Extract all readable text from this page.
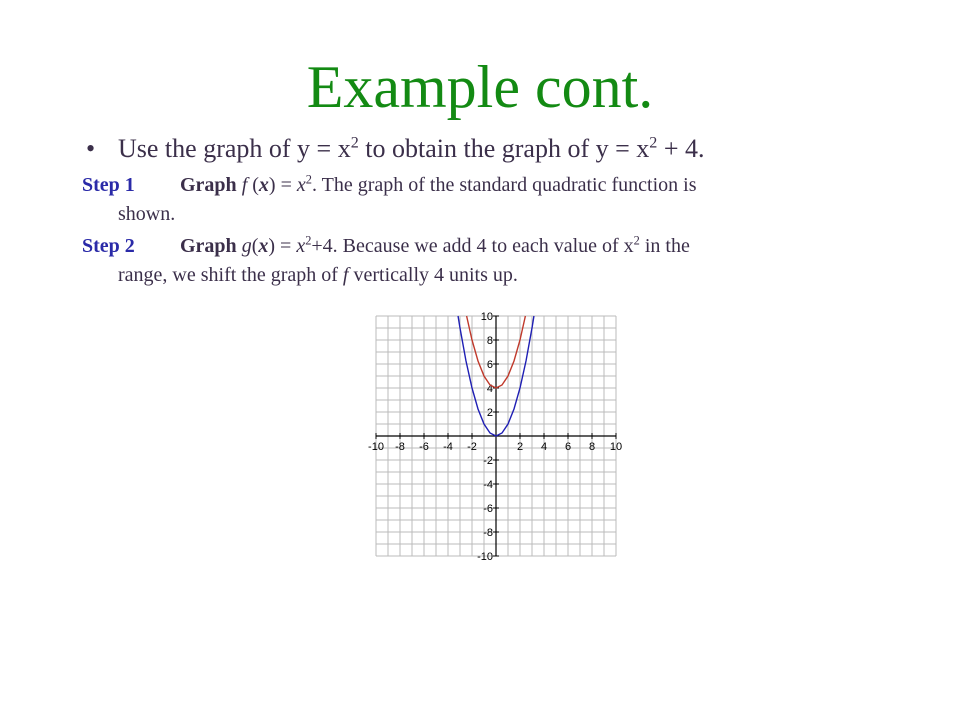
Example cont.
• Use the graph of $y = x^2$ to obtain the graph of $y = x^2 + 4$.
Step 1 Graph f $(x) = x^2$. The graph of the standard quadratic function is
shown.
Step 2 Graph $g(x) = x^2+4$. Because we add 4 to each value of $x^2$ in the
range, we shift the graph of f vertically 4 units up.
-10 -8 -6 -4 -2	2 4 6 8 10
10
8
6
4
2
-2
-4
-6
-8
-10
